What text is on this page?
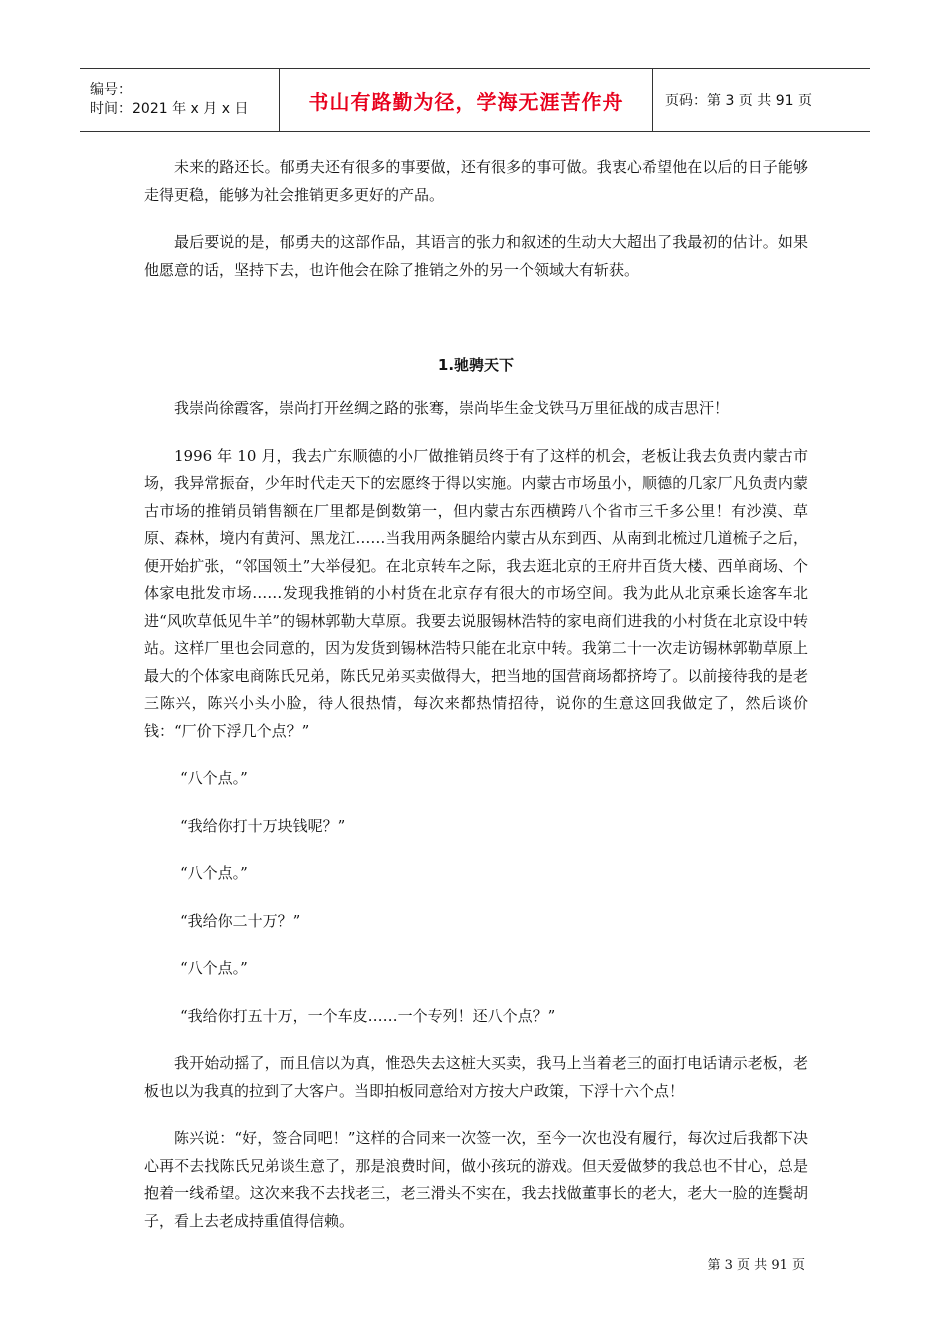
编号：
时间：2021 年 x 月 x 日	书山有路勤为径，学海无涯苦作舟	页码：第 3 页 共 91 页

未来的路还长。郁勇夫还有很多的事要做，还有很多的事可做。我衷心希望他在以后的日子能够走得更稳，能够为社会推销更多更好的产品。

最后要说的是，郁勇夫的这部作品，其语言的张力和叙述的生动大大超出了我最初的估计。如果他愿意的话，坚持下去，也许他会在除了推销之外的另一个领域大有斩获。

1.驰骋天下

我崇尚徐霞客，崇尚打开丝绸之路的张骞，崇尚毕生金戈铁马万里征战的成吉思汗！

1996 年 10 月，我去广东顺德的小厂做推销员终于有了这样的机会，老板让我去负责内蒙古市场，我异常振奋，少年时代走天下的宏愿终于得以实施。内蒙古市场虽小，顺德的几家厂凡负责内蒙古市场的推销员销售额在厂里都是倒数第一，但内蒙古东西横跨八个省市三千多公里！有沙漠、草原、森林，境内有黄河、黑龙江……当我用两条腿给内蒙古从东到西、从南到北梳过几道梳子之后，便开始扩张，“邻国领土”大举侵犯。在北京转车之际，我去逛北京的王府井百货大楼、西单商场、个体家电批发市场……发现我推销的小村货在北京存有很大的市场空间。我为此从北京乘长途客车北进“风吹草低见牛羊”的锡林郭勒大草原。我要去说服锡林浩特的家电商们进我的小村货在北京设中转站。这样厂里也会同意的，因为发货到锡林浩特只能在北京中转。我第二十一次走访锡林郭勒草原上最大的个体家电商陈氏兄弟，陈氏兄弟买卖做得大，把当地的国营商场都挤垮了。以前接待我的是老三陈兴，陈兴小头小脸，待人很热情，每次来都热情招待，说你的生意这回我做定了，然后谈价钱：“厂价下浮几个点？”

“八个点。”

“我给你打十万块钱呢？”

“八个点。”

“我给你二十万？”

“八个点。”

“我给你打五十万，一个车皮……一个专列！还八个点？”

我开始动摇了，而且信以为真，惟恐失去这桩大买卖，我马上当着老三的面打电话请示老板，老板也以为我真的拉到了大客户。当即拍板同意给对方按大户政策，下浮十六个点！

陈兴说：“好，签合同吧！”这样的合同来一次签一次，至今一次也没有履行，每次过后我都下决心再不去找陈氏兄弟谈生意了，那是浪费时间，做小孩玩的游戏。但天爱做梦的我总也不甘心，总是抱着一线希望。这次来我不去找老三，老三滑头不实在，我去找做董事长的老大，老大一脸的连鬓胡子，看上去老成持重值得信赖。

第 3 页 共 91 页
